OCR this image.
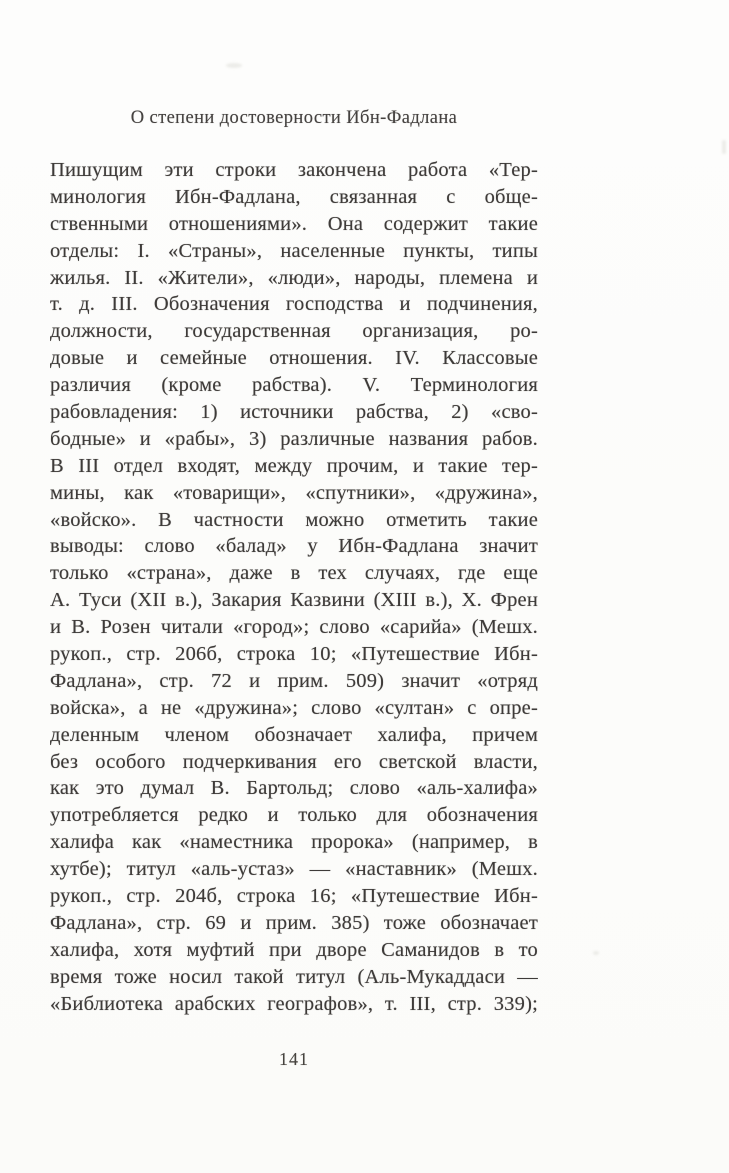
О степени достоверности Ибн-Фадлана
Пишущим эти строки закончена работа «Тер-
минология Ибн-Фадлана, связанная с обще-
ственными отношениями». Она содержит такие
отделы: I. «Страны», населенные пункты, типы
жилья. II. «Жители», «люди», народы, племена и
т. д. III. Обозначения господства и подчинения,
должности, государственная организация, ро-
довые и семейные отношения. IV. Классовые
различия (кроме рабства). V. Терминология
рабовладения: 1) источники рабства, 2) «сво-
бодные» и «рабы», 3) различные названия рабов.
В III отдел входят, между прочим, и такие тер-
мины, как «товарищи», «спутники», «дружина»,
«войско». В частности можно отметить такие
выводы: слово «балад» у Ибн-Фадлана значит
только «страна», даже в тех случаях, где еще
А. Туси (XII в.), Закария Казвини (XIII в.), Х. Френ
и В. Розен читали «город»; слово «сарийа» (Мешх.
рукоп., стр. 206б, строка 10; «Путешествие Ибн-
Фадлана», стр. 72 и прим. 509) значит «отряд
войска», а не «дружина»; слово «султан» с опре-
деленным членом обозначает халифа, причем
без особого подчеркивания его светской власти,
как это думал В. Бартольд; слово «аль-халифа»
употребляется редко и только для обозначения
халифа как «наместника пророка» (например, в
хутбе); титул «аль-устаз» — «наставник» (Мешх.
рукоп., стр. 204б, строка 16; «Путешествие Ибн-
Фадлана», стр. 69 и прим. 385) тоже обозначает
халифа, хотя муфтий при дворе Саманидов в то
время тоже носил такой титул (Аль-Мукаддаси —
«Библиотека арабских географов», т. III, стр. 339);
141
